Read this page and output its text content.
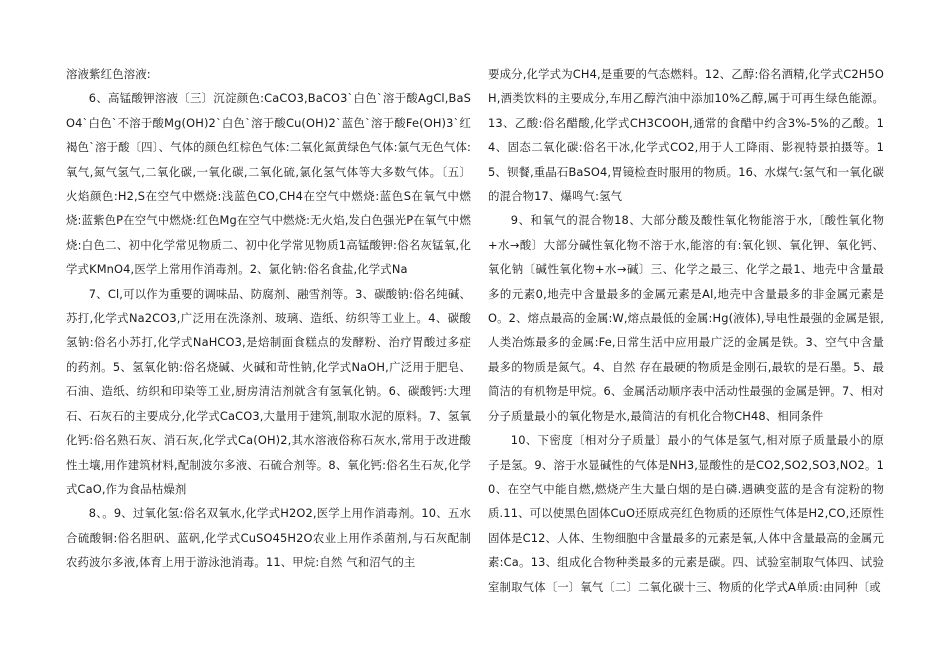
溶液紫红色溶液:

6、高锰酸钾溶液〔三〕沉淀颜色:CaCO3,BaCO3`白色`溶于酸AgCl,BaSO4`白色`不溶于酸Mg(OH)2`白色`溶于酸Cu(OH)2`蓝色`溶于酸Fe(OH)3`红褐色`溶于酸〔四〕、气体的颜色红棕色气体:二氧化氮黄绿色气体:氯气无色气体:氧气,氮气氢气,二氧化碳,一氧化碳,二氧化硫,氯化氢气体等大多数气体。〔五〕火焰颜色:H2,S在空气中燃烧:浅蓝色CO,CH4在空气中燃烧:蓝色S在氧气中燃烧:蓝紫色P在空气中燃烧:红色Mg在空气中燃烧:无火焰,发白色强光P在氧气中燃烧:白色二、初中化学常见物质二、初中化学常见物质1高锰酸钾:俗名灰锰氧,化学式KMnO4,医学上常用作消毒剂。2、氯化钠:俗名食盐,化学式Na

7、Cl,可以作为重要的调味品、防腐剂、融雪剂等。3、碳酸钠:俗名纯碱、苏打,化学式Na2CO3,广泛用在洗涤剂、玻璃、造纸、纺织等工业上。4、碳酸氢钠:俗名小苏打,化学式NaHCO3,是焙制面食糕点的发酵粉、治疗胃酸过多症的药剂。5、氢氧化钠:俗名烧碱、火碱和苛性钠,化学式NaOH,广泛用于肥皂、石油、造纸、纺织和印染等工业,厨房清洁剂就含有氢氧化钠。6、碳酸钙:大理石、石灰石的主要成分,化学式CaCO3,大量用于建筑,制取水泥的原料。7、氢氧化钙:俗名熟石灰、消石灰,化学式Ca(OH)2,其水溶液俗称石灰水,常用于改进酸性土壤,用作建筑材料,配制波尔多液、石硫合剂等。8、氧化钙:俗名生石灰,化学式CaO,作为食品枯燥剂

8、。9、过氧化氢:俗名双氧水,化学式H2O2,医学上用作消毒剂。10、五水合硫酸铜:俗名胆矾、蓝矾,化学式CuSO45H2O农业上用作杀菌剂,与石灰配制农药波尔多液,体育上用于游泳池消毒。11、甲烷:自然 气和沼气的主

要成分,化学式为CH4,是重要的气态燃料。12、乙醇:俗名酒精,化学式C2H5OH,酒类饮料的主要成分,车用乙醇汽油中添加10%乙醇,属于可再生绿色能源。13、乙酸:俗名醋酸,化学式CH3COOH,通常的食醋中约含3%-5%的乙酸。14、固态二氧化碳:俗名干冰,化学式CO2,用于人工降雨、影视特景拍摄等。15、钡餐,重晶石BaSO4,胃镜检查时服用的物质。16、水煤气:氢气和一氧化碳的混合物17、爆鸣气:氢气

9、和氧气的混合物18、大部分酸及酸性氧化物能溶于水,〔酸性氧化物+水→酸〕大部分碱性氧化物不溶于水,能溶的有:氧化钡、氧化钾、氧化钙、氧化钠〔碱性氧化物+水→碱〕三、化学之最三、化学之最1、地壳中含量最多的元素0,地壳中含量最多的金属元素是Al,地壳中含量最多的非金属元素是O。2、熔点最高的金属:W,熔点最低的金属:Hg(液体),导电性最强的金属是银,人类冶炼最多的金属:Fe,日常生活中应用最广泛的金属是铁。3、空气中含量最多的物质是氮气。4、自然 存在最硬的物质是金刚石,最软的是石墨。5、最简洁的有机物是甲烷。6、金属活动顺序表中活动性最强的金属是钾。7、相对分子质量最小的氧化物是水,最简洁的有机化合物CH48、相同条件

10、下密度〔相对分子质量〕最小的气体是氢气,相对原子质量最小的原子是氢。9、溶于水显碱性的气体是NH3,显酸性的是CO2,SO2,SO3,NO2。10、在空气中能自燃,燃烧产生大量白烟的是白磷.遇碘变蓝的是含有淀粉的物质.11、可以使黑色固体CuO还原成亮红色物质的还原性气体是H2,CO,还原性固体是C12、人体、生物细胞中含量最多的元素是氧,人体中含量最高的金属元素:Ca。13、组成化合物种类最多的元素是碳。四、试验室制取气体四、试验室制取气体〔一〕氧气〔二〕二氧化碳十三、物质的化学式A单质:由同种〔或
